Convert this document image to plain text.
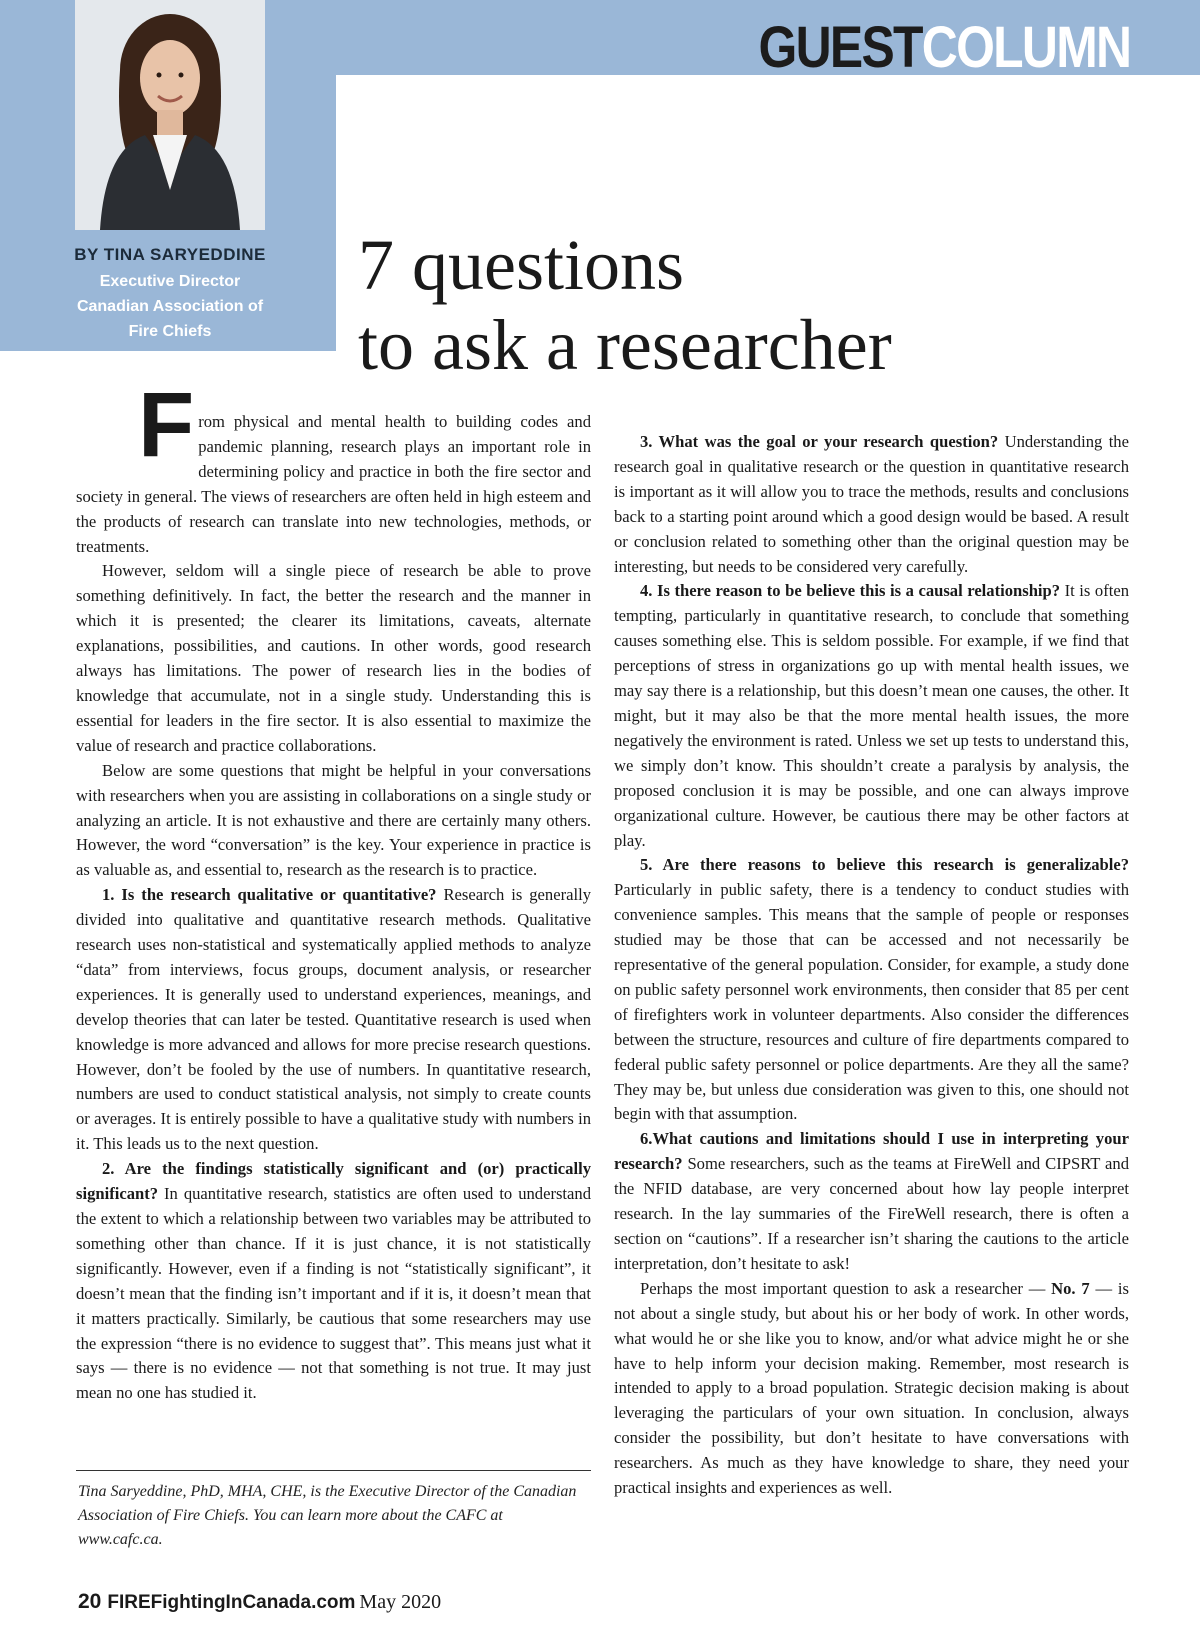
GUESTCOLUMN
BY TINA SARYEDDINE
Executive Director
Canadian Association of
Fire Chiefs
7 questions
to ask a researcher

From physical and mental health to building codes and pandemic planning, research plays an important role in determining policy and practice in both the fire sector and society in general. The views of researchers are often held in high esteem and the products of research can translate into new technologies, methods, or treatments.

However, seldom will a single piece of research be able to prove something definitively. In fact, the better the research and the manner in which it is presented; the clearer its limitations, caveats, alternate explanations, possibilities, and cautions. In other words, good research always has limitations. The power of research lies in the bodies of knowledge that accumulate, not in a single study. Understanding this is essential for leaders in the fire sector. It is also essential to maximize the value of research and practice collaborations.

Below are some questions that might be helpful in your conversations with researchers when you are assisting in collaborations on a single study or analyzing an article. It is not exhaustive and there are certainly many others. However, the word “conversation” is the key. Your experience in practice is as valuable as, and essential to, research as the research is to practice.

1. Is the research qualitative or quantitative? Research is generally divided into qualitative and quantitative research methods. Qualitative research uses non-statistical and systematically applied methods to analyze “data” from interviews, focus groups, document analysis, or researcher experiences. It is generally used to understand experiences, meanings, and develop theories that can later be tested. Quantitative research is used when knowledge is more advanced and allows for more precise research questions. However, don’t be fooled by the use of numbers. In quantitative research, numbers are used to conduct statistical analysis, not simply to create counts or averages. It is entirely possible to have a qualitative study with numbers in it. This leads us to the next question.

2. Are the findings statistically significant and (or) practically significant? In quantitative research, statistics are often used to understand the extent to which a relationship between two variables may be attributed to something other than chance. If it is just chance, it is not statistically significantly. However, even if a finding is not “statistically significant”, it doesn’t mean that the finding isn’t important and if it is, it doesn’t mean that it matters practically. Similarly, be cautious that some researchers may use the expression “there is no evidence to suggest that”. This means just what it says — there is no evidence — not that something is not true. It may just mean no one has studied it.

3. What was the goal or your research question? Understanding the research goal in qualitative research or the question in quantitative research is important as it will allow you to trace the methods, results and conclusions back to a starting point around which a good design would be based. A result or conclusion related to something other than the original question may be interesting, but needs to be considered very carefully.

4. Is there reason to be believe this is a causal relationship? It is often tempting, particularly in quantitative research, to conclude that something causes something else. This is seldom possible. For example, if we find that perceptions of stress in organizations go up with mental health issues, we may say there is a relationship, but this doesn’t mean one causes, the other. It might, but it may also be that the more mental health issues, the more negatively the environment is rated. Unless we set up tests to understand this, we simply don’t know. This shouldn’t create a paralysis by analysis, the proposed conclusion it is may be possible, and one can always improve organizational culture. However, be cautious there may be other factors at play.

5. Are there reasons to believe this research is generalizable? Particularly in public safety, there is a tendency to conduct studies with convenience samples. This means that the sample of people or responses studied may be those that can be accessed and not necessarily be representative of the general population. Consider, for example, a study done on public safety personnel work environments, then consider that 85 per cent of firefighters work in volunteer departments. Also consider the differences between the structure, resources and culture of fire departments compared to federal public safety personnel or police departments. Are they all the same? They may be, but unless due consideration was given to this, one should not begin with that assumption.

6.What cautions and limitations should I use in interpreting your research? Some researchers, such as the teams at FireWell and CIPSRT and the NFID database, are very concerned about how lay people interpret research. In the lay summaries of the FireWell research, there is often a section on “cautions”. If a researcher isn’t sharing the cautions to the article interpretation, don’t hesitate to ask!

Perhaps the most important question to ask a researcher — No. 7 — is not about a single study, but about his or her body of work. In other words, what would he or she like you to know, and/or what advice might he or she have to help inform your decision making. Remember, most research is intended to apply to a broad population. Strategic decision making is about leveraging the particulars of your own situation. In conclusion, always consider the possibility, but don’t hesitate to have conversations with researchers. As much as they have knowledge to share, they need your practical insights and experiences as well.

Tina Saryeddine, PhD, MHA, CHE, is the Executive Director of the Canadian Association of Fire Chiefs. You can learn more about the CAFC at www.cafc.ca.
20 FIREFightingInCanada.com May 2020
